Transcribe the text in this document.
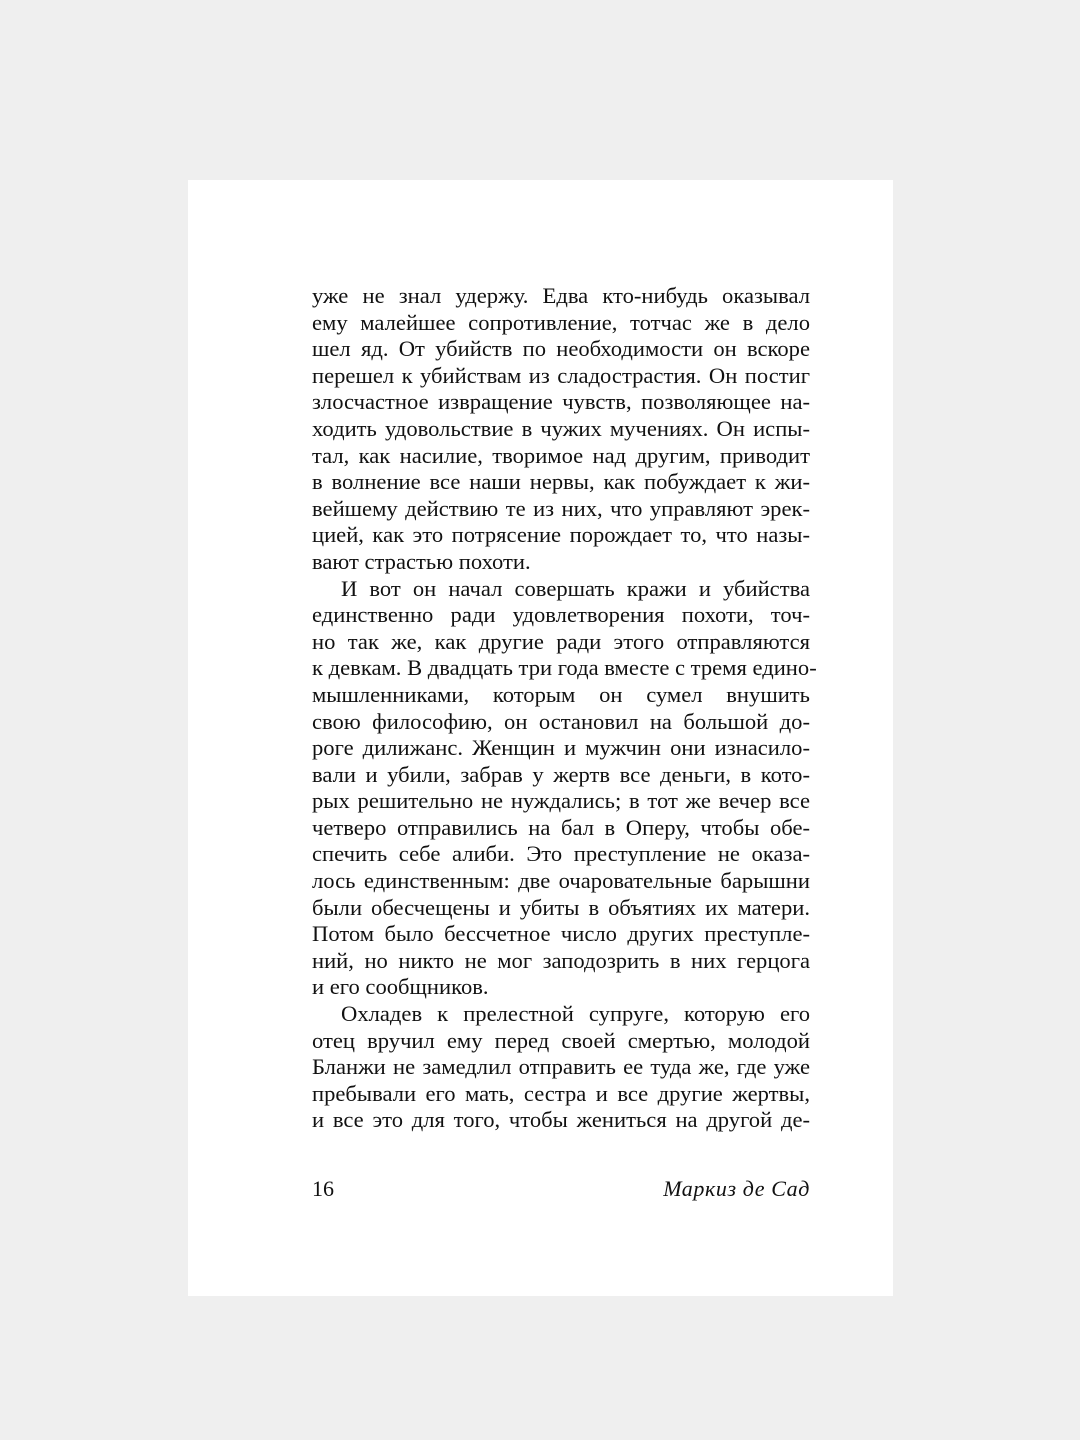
уже не знал удержу. Едва кто-нибудь оказывал
ему малейшее сопротивление, тотчас же в дело
шел яд. От убийств по необходимости он вскоре
перешел к убийствам из сладострастия. Он постиг
злосчастное извращение чувств, позволяющее на-
ходить удовольствие в чужих мучениях. Он испы-
тал, как насилие, творимое над другим, приводит
в волнение все наши нервы, как побуждает к жи-
вейшему действию те из них, что управляют эрек-
цией, как это потрясение порождает то, что назы-
вают страстью похоти.
И вот он начал совершать кражи и убийства
единственно ради удовлетворения похоти, точ-
но так же, как другие ради этого отправляются
к девкам. В двадцать три года вместе с тремя едино-
мышленниками, которым он сумел внушить
свою философию, он остановил на большой до-
роге дилижанс. Женщин и мужчин они изнасило-
вали и убили, забрав у жертв все деньги, в кото-
рых решительно не нуждались; в тот же вечер все
четверо отправились на бал в Оперу, чтобы обе-
спечить себе алиби. Это преступление не оказа-
лось единственным: две очаровательные барышни
были обесчещены и убиты в объятиях их матери.
Потом было бессчетное число других преступле-
ний, но никто не мог заподозрить в них герцога
и его сообщников.
Охладев к прелестной супруге, которую его
отец вручил ему перед своей смертью, молодой
Бланжи не замедлил отправить ее туда же, где уже
пребывали его мать, сестра и все другие жертвы,
и все это для того, чтобы жениться на другой де-
16	Маркиз де Сад
